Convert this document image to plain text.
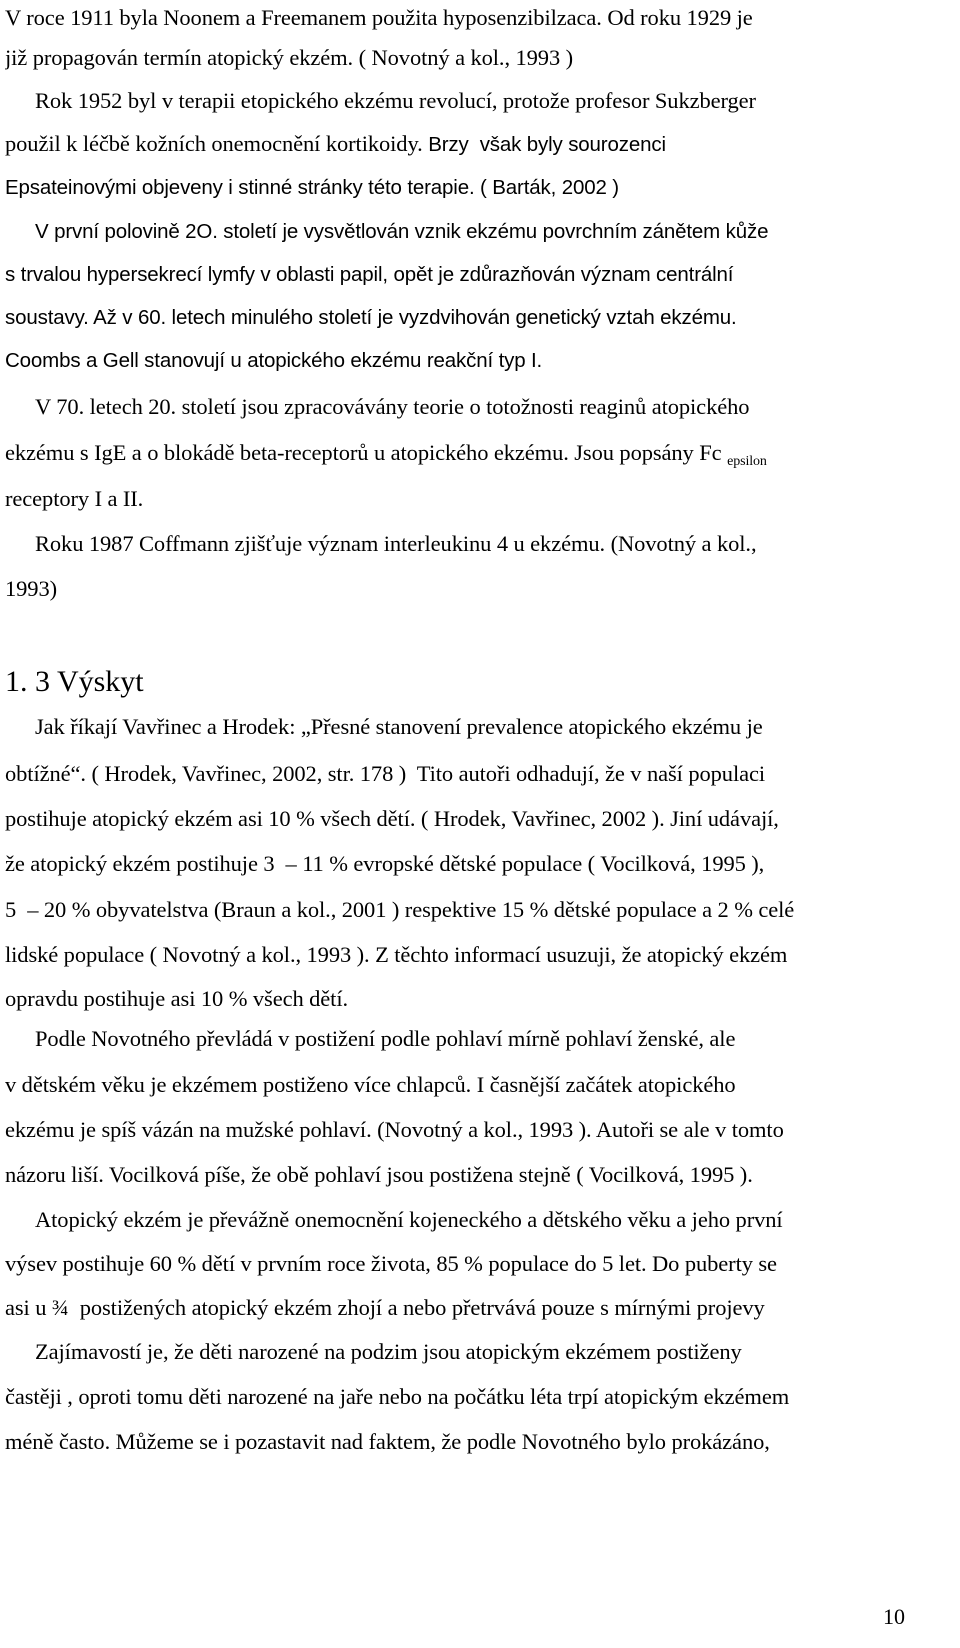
V roce 1911 byla Noonem a Freemanem použita hyposenzibilzaca. Od roku 1929 je
již propagován termín atopický ekzém. ( Novotný a kol., 1993 )
Rok 1952 byl v terapii etopického ekzému revolucí, protože profesor Sukzberger
použil k léčbě kožních onemocnění kortikoidy. Brzy  však byly sourozenci
Epsateinovými objeveny i stinné stránky této terapie. ( Barták, 2002 )
V první polovině 2O. století je vysvětlován vznik ekzému povrchním zánětem kůže
s trvalou hypersekrecí lymfy v oblasti papil, opět je zdůrazňován význam centrální
soustavy. Až v 60. letech minulého století je vyzdvihován genetický vztah ekzému.
Coombs a Gell stanovují u atopického ekzému reakční typ I.
V 70. letech 20. století jsou zpracovávány teorie o totožnosti reaginů atopického
ekzému s IgE a o blokádě beta-receptorů u atopického ekzému. Jsou popsány Fc $_{epsilon}$
receptory I a II.
Roku 1987 Coffmann zjišťuje význam interleukinu 4 u ekzému. (Novotný a kol.,
1993)
1. 3 Výskyt
Jak říkají Vavřinec a Hrodek: „Přesné stanovení prevalence atopického ekzému je
obtížné“. ( Hrodek, Vavřinec, 2002, str. 178 )  Tito autoři odhadují, že v naší populaci
postihuje atopický ekzém asi 10 % všech dětí. ( Hrodek, Vavřinec, 2002 ). Jiní udávají,
že atopický ekzém postihuje 3  – 11 % evropské dětské populace ( Vocilková, 1995 ),
5  – 20 % obyvatelstva (Braun a kol., 2001 ) respektive 15 % dětské populace a 2 % celé
lidské populace ( Novotný a kol., 1993 ). Z těchto informací usuzuji, že atopický ekzém
opravdu postihuje asi 10 % všech dětí.
Podle Novotného převládá v postižení podle pohlaví mírně pohlaví ženské, ale
v dětském věku je ekzémem postiženo více chlapců. I časnější začátek atopického
ekzému je spíš vázán na mužské pohlaví. (Novotný a kol., 1993 ). Autoři se ale v tomto
názoru liší. Vocilková píše, že obě pohlaví jsou postižena stejně ( Vocilková, 1995 ).
Atopický ekzém je převážně onemocnění kojeneckého a dětského věku a jeho první
výsev postihuje 60 % dětí v prvním roce života, 85 % populace do 5 let. Do puberty se
asi u ¾  postižených atopický ekzém zhojí a nebo přetrvává pouze s mírnými projevy
Zajímavostí je, že děti narozené na podzim jsou atopickým ekzémem postiženy
častěji , oproti tomu děti narozené na jaře nebo na počátku léta trpí atopickým ekzémem
méně často. Můžeme se i pozastavit nad faktem, že podle Novotného bylo prokázáno,
10
